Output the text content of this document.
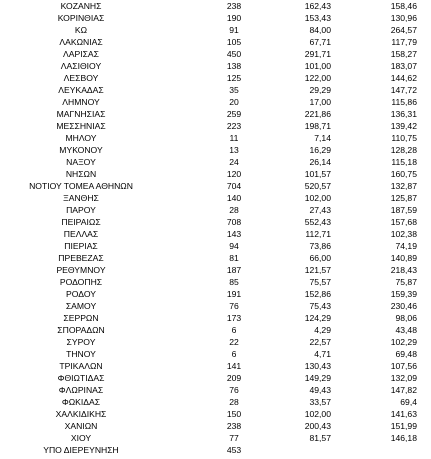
ΚΟΖΑΝΗΣ	238	162,43	158,46
ΚΟΡΙΝΘΙΑΣ	190	153,43	130,96
ΚΩ	91	84,00	264,57
ΛΑΚΩΝΙΑΣ	105	67,71	117,79
ΛΑΡΙΣΑΣ	450	291,71	158,27
ΛΑΣΙΘΙΟΥ	138	101,00	183,07
ΛΕΣΒΟΥ	125	122,00	144,62
ΛΕΥΚΑΔΑΣ	35	29,29	147,72
ΛΗΜΝΟΥ	20	17,00	115,86
ΜΑΓΝΗΣΙΑΣ	259	221,86	136,31
ΜΕΣΣΗΝΙΑΣ	223	198,71	139,42
ΜΗΛΟΥ	11	7,14	110,75
ΜΥΚΟΝΟΥ	13	16,29	128,28
ΝΑΞΟΥ	24	26,14	115,18
ΝΗΣΩΝ	120	101,57	160,75
ΝΟΤΙΟΥ ΤΟΜΕΑ ΑΘΗΝΩΝ	704	520,57	132,87
ΞΑΝΘΗΣ	140	102,00	125,87
ΠΑΡΟΥ	28	27,43	187,59
ΠΕΙΡΑΙΩΣ	708	552,43	157,68
ΠΕΛΛΑΣ	143	112,71	102,38
ΠΙΕΡΙΑΣ	94	73,86	74,19
ΠΡΕΒΕΖΑΣ	81	66,00	140,89
ΡΕΘΥΜΝΟΥ	187	121,57	218,43
ΡΟΔΟΠΗΣ	85	75,57	75,87
ΡΟΔΟΥ	191	152,86	159,39
ΣΑΜΟΥ	76	75,43	230,46
ΣΕΡΡΩΝ	173	124,29	98,06
ΣΠΟΡΑΔΩΝ	6	4,29	43,48
ΣΥΡΟΥ	22	22,57	102,29
ΤΗΝΟΥ	6	4,71	69,48
ΤΡΙΚΑΛΩΝ	141	130,43	107,56
ΦΘΙΩΤΙΔΑΣ	209	149,29	132,09
ΦΛΩΡΙΝΑΣ	76	49,43	147,82
ΦΩΚΙΔΑΣ	28	33,57	69,4
ΧΑΛΚΙΔΙΚΗΣ	150	102,00	141,63
ΧΑΝΙΩΝ	238	200,43	151,99
ΧΙΟΥ	77	81,57	146,18
ΥΠΟ ΔΙΕΡΕΥΝΗΣΗ	453
